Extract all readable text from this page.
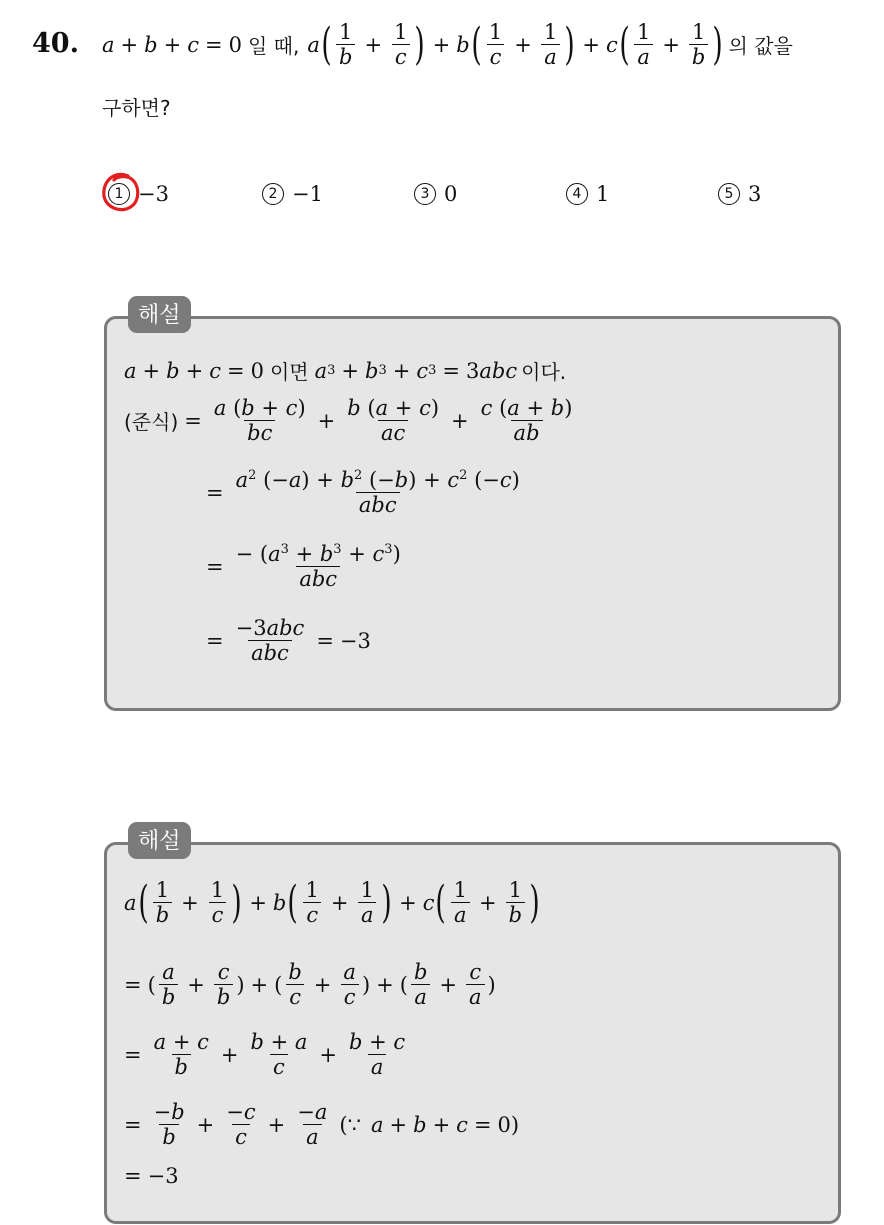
40. a + b + c = 0 일 때, a ( $\frac{1}{b} + \frac{1}{c}$ ) + b ( $\frac{1}{c} + \frac{1}{a}$ ) + c ( $\frac{1}{a} + \frac{1}{b}$ ) 의 값을
구하면?
1 −3	2 −1	3 0	4 1	5 3
해설
a + b + c = 0 이면 a 3 + b 3 + c 3 = 3abc 이다.
(준식) = $\frac{a (b + c)}{bc} + \frac{b (a + c)}{ac} + \frac{c (a + b)}{ab}$
= $\frac{a^2 (-a) + b^2 (-b) + c^2 (-c)}{\text{abc}}$
= $\frac{- (a^3 + b^3 + c^3)}{\text{abc}}$
= $\frac{\text{−3abc}}{\text{abc}} = -3$
해설
a ( $\frac{1}{b} + \frac{1}{c}$ ) + b ( $\frac{1}{c} + \frac{1}{a}$ ) + c ( $\frac{1}{a} + \frac{1}{b}$ )
= ( $\frac{a}{b} + \frac{c}{b}$ ) + ( $\frac{b}{c} + \frac{a}{c}$ ) + ( $\frac{b}{a} + \frac{c}{a}$ )
= $\frac{a + c}{b} + \frac{b + a}{c} + \frac{b + c}{a}$
= $\frac{-b}{b} + \frac{-c}{c} + \frac{-a}{a}$ (∵ a + b + c = 0)
= −3
